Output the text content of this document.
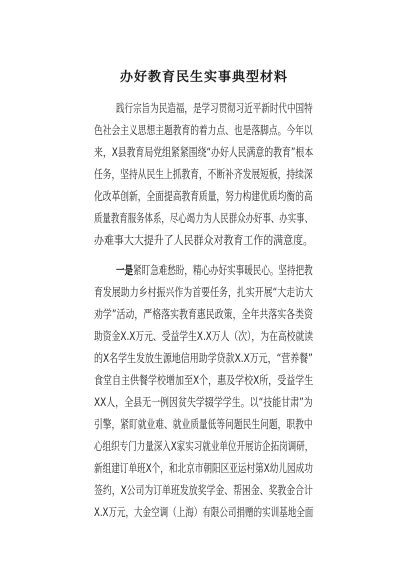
办好教育民生实事典型材料
践行宗旨为民造福，是学习贯彻习近平新时代中国特
色社会主义思想主题教育的着力点、也是落脚点。今年以
来，X县教育局党组紧紧围绕“办好人民满意的教育”根本
任务，坚持从民生上抓教育，不断补齐发展短板，持续深
化改革创新，全面提高教育质量，努力构建优质均衡的高
质量教育服务体系，尽心竭力为人民群众办好事、办实事、
办难事大大提升了人民群众对教育工作的满意度。
一是紧盯急难愁盼，精心办好实事暖民心。坚持把教
育发展助力乡村振兴作为首要任务，扎实开展“大走访大
劝学”活动，严格落实教育惠民政策，全年共落实各类资
助资金X.X万元、受益学生X.X万人（次），为在高校就读
的X名学生发放生源地信用助学贷款X.X万元，“营养餐”
食堂自主供餐学校增加至X个，惠及学校X所，受益学生
XX人，全县无一例因贫失学辍学学生。以“技能甘肃”为
引擎，紧盯就业难、就业质量低等问题民生问题，职教中
心组织专门力量深入X家实习就业单位开展访企拓岗调研，
新组建订单班X个，和北京市朝阳区亚运村第X幼儿园成功
签约，X公司为订单班发放奖学金、帮困金、奖教金合计
X.X万元，大金空调（上海）有限公司捐赠的实训基地全面
